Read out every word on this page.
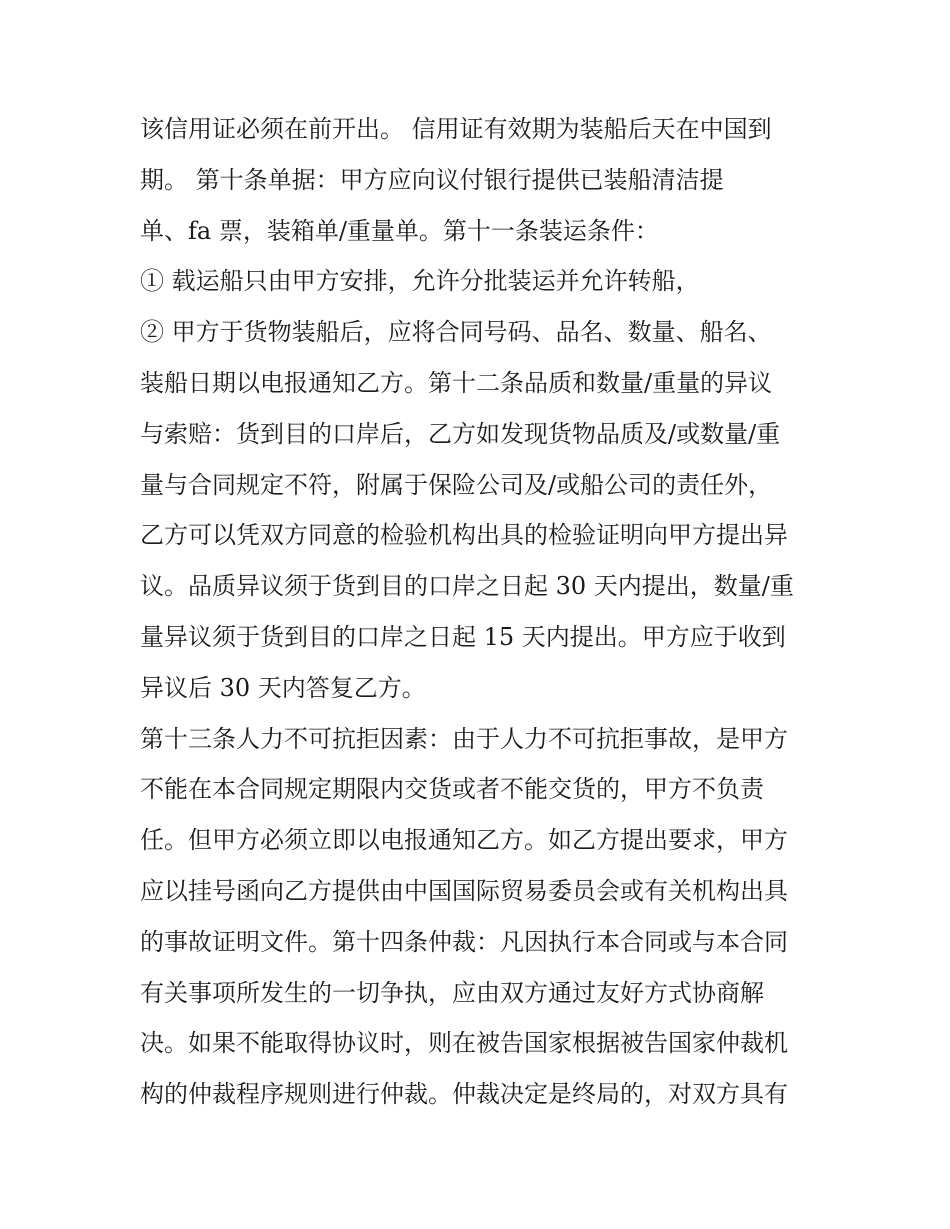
该信用证必须在前开出。 信用证有效期为装船后天在中国到

期。 第十条单据：甲方应向议付银行提供已装船清洁提

单、fa 票，装箱单/重量单。第十一条装运条件：

① 载运船只由甲方安排，允许分批装运并允许转船，

② 甲方于货物装船后，应将合同号码、品名、数量、船名、

装船日期以电报通知乙方。第十二条品质和数量/重量的异议

与索赔：货到目的口岸后，乙方如发现货物品质及/或数量/重

量与合同规定不符，附属于保险公司及/或船公司的责任外，

乙方可以凭双方同意的检验机构出具的检验证明向甲方提出异

议。品质异议须于货到目的口岸之日起 30 天内提出，数量/重

量异议须于货到目的口岸之日起 15 天内提出。甲方应于收到

异议后 30 天内答复乙方。

第十三条人力不可抗拒因素：由于人力不可抗拒事故，是甲方

不能在本合同规定期限内交货或者不能交货的，甲方不负责

任。但甲方必须立即以电报通知乙方。如乙方提出要求，甲方

应以挂号函向乙方提供由中国国际贸易委员会或有关机构出具

的事故证明文件。第十四条仲裁：凡因执行本合同或与本合同

有关事项所发生的一切争执，应由双方通过友好方式协商解

决。如果不能取得协议时，则在被告国家根据被告国家仲裁机

构的仲裁程序规则进行仲裁。仲裁决定是终局的，对双方具有
